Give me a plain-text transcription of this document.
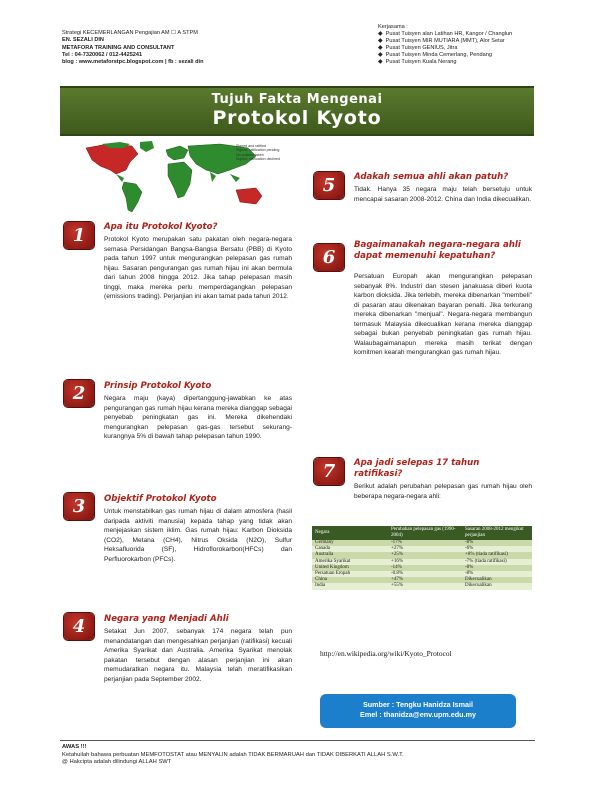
Strategi KECEMERLANGAN Pengajian AM ☐ A STPM
EN. SEZALI DIN
METAFORA TRAINING AND CONSULTANT
Tel : 04-7320062 / 012-4425241
blog : www.metaforstpc.blogspot.com | fb : sezali din
Kerjasama :
◆ Pusat Tuisyen alan Latihan HR, Kangor / Changlun
◆ Pusat Tuisyen MIR MUTIARA (MMT), Alor Setar
◆ Pusat Tuisyen GENIUS, Jitra
◆ Pusat Tuisyen Minda Cemerlang, Pendang
◆ Pusat Tuisyen Kuala Nerang
Tujuh Fakta Mengenai
Protokol Kyoto
Signed and ratified
Signed, ratification pending
No position taken
Signed, ratification declined
1	Apa itu Protokol Kyoto?
Protokol Kyoto merupakan satu pakatan oleh negara-negara semasa Persidangan Bangsa-Bangsa Bersatu (PBB) di Kyoto pada tahun 1997 untuk mengurangkan pelepasan gas rumah hijau. Sasaran pengurangan gas rumah hijau ini akan bermula dari tahun 2008 hingga 2012. Jika tahap pelepasan masih tinggi, maka mereka perlu memperdagangkan pelepasan (emissions trading). Perjanjian ini akan tamat pada tahun 2012.
2	Prinsip Protokol Kyoto
Negara maju (kaya) dipertanggung-jawabkan ke atas pengurangan gas rumah hijau kerana mereka dianggap sebagai penyebab peningkatan gas ini. Mereka dikehendaki mengurangkan pelepasan gas-gas tersebut sekurang-kurangnya 5% di bawah tahap pelepasan tahun 1990.
3	Objektif Protokol Kyoto
Untuk menstabilkan gas rumah hijau di dalam atmosfera (hasil daripada aktiviti manusia) kepada tahap yang tidak akan menjejaskan sistem iklim. Gas rumah hijau: Karbon Dioksida (CO2), Metana (CH4), Nitrus Oksida (N2O), Sulfur Heksafluorida (SF), Hidroflorokarbon(HFCs) dan Perfluorokarbon (PFCs).
4	Negara yang Menjadi Ahli
Setakat Jun 2007, sebanyak 174 negara telah pun menandatangan dan mengesahkan perjanjian (ratifikasi) kecuali Amerika Syarikat dan Australia. Amerika Syarikat menolak pakatan tersebut dengan alasan perjanjian ini akan memudaratkan negara itu. Malaysia telah meratifikasikan perjanjian pada September 2002.
5	Adakah semua ahli akan patuh?
Tidak. Hanya 35 negara maju telah bersetuju untuk mencapai sasaran 2008-2012. China dan India dikecualikan.
6
Bagaimanakah negara-negara ahli dapat memenuhi kepatuhan?
Persatuan Europah akan mengurangkan pelepasan sebanyak 8%. Industri dan stesen janakuasa diberi kuota karbon dioksida. Jika terlebih, mereka dibenarkan "membeli" di pasaran atau dikenakan bayaran penalti. Jika terkurang mereka dibenarkan "menjual". Negara-negara membangun termasuk Malaysia dikecualikan kerana mereka dianggap sebagai bukan penyebab peningkatan gas rumah hijau. Walaubagaimanapun mereka masih terikat dengan komitmen kearah mengurangkan gas rumah hijau.
7	Apa jadi selepas 17 tahun ratifikasi?
Berikut adalah perubahan pelepasan gas rumah hijau oleh beberapa negara-negara ahli:
Negara	Perubahan pelepasan gas (1990-2004)	Sasaran 2008-2012 mengikut perjanjian
Germany	-17%	-8%
Canada	+27%	-6%
Australia	+25%	+8% (tiada ratifikasi)
Amerika Syarikat	+16%	-7% (tiada ratifikasi)
United Kingdom	-14%	-8%
Persatuan Eropah	-0.8%	-8%
China	+47%	Dikecualikan
India	+55%	Dikecualikan
http://en.wikipedia.org/wiki/Kyoto_Protocol
Sumber : Tengku Hanidza Ismail
Emel : thanidza@env.upm.edu.my
AWAS !!!
Ketahuilah bahawa perbuatan MEMFOTOSTAT atau MENYALIN adalah TIDAK BERMARUAH dan TIDAK DIBERKATI ALLAH S.W.T.
@ Hakcipta adalah dilindungi ALLAH SWT
